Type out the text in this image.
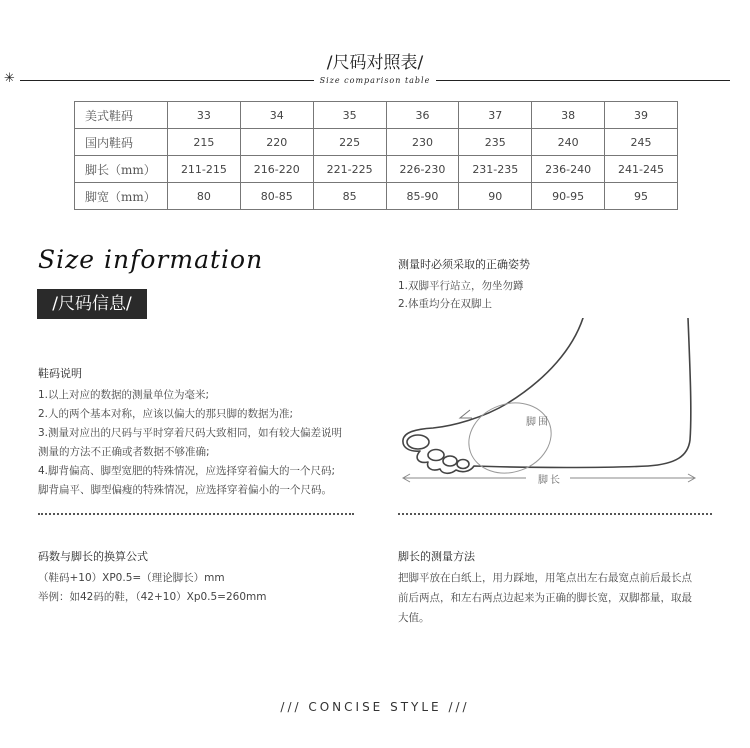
/尺码对照表/
✳	Size comparison table
美式鞋码	33	34	35	36	37	38	39
国内鞋码	215	220	225	230	235	240	245
脚长（mm）	211-215	216-220	221-225	226-230	231-235	236-240	241-245
脚宽（mm）	80	80-85	85	85-90	90	90-95	95
Size information
/尺码信息/
鞋码说明
1.以上对应的数据的测量单位为毫米;
2.人的两个基本对称，应该以偏大的那只脚的数据为准;
3.测量对应出的尺码与平时穿着尺码大致相同，如有较大偏差说明
测量的方法不正确或者数据不够准确;
4.脚背偏高、脚型宽肥的特殊情况，应选择穿着偏大的一个尺码;
脚背扁平、脚型偏瘦的特殊情况，应选择穿着偏小的一个尺码。
码数与脚长的换算公式
（鞋码+10）XP0.5=（理论脚长）mm
举例：如42码的鞋，（42+10）Xp0.5=260mm
测量时必须采取的正确姿势
1.双脚平行站立，勿坐勿蹲
2.体重均分在双脚上
脚围
脚长
脚长的测量方法
把脚平放在白纸上，用力踩地，用笔点出左右最宽点前后最长点
前后两点，和左右两点边起来为正确的脚长宽，双脚都量，取最
大值。
/// CONCISE STYLE ///
